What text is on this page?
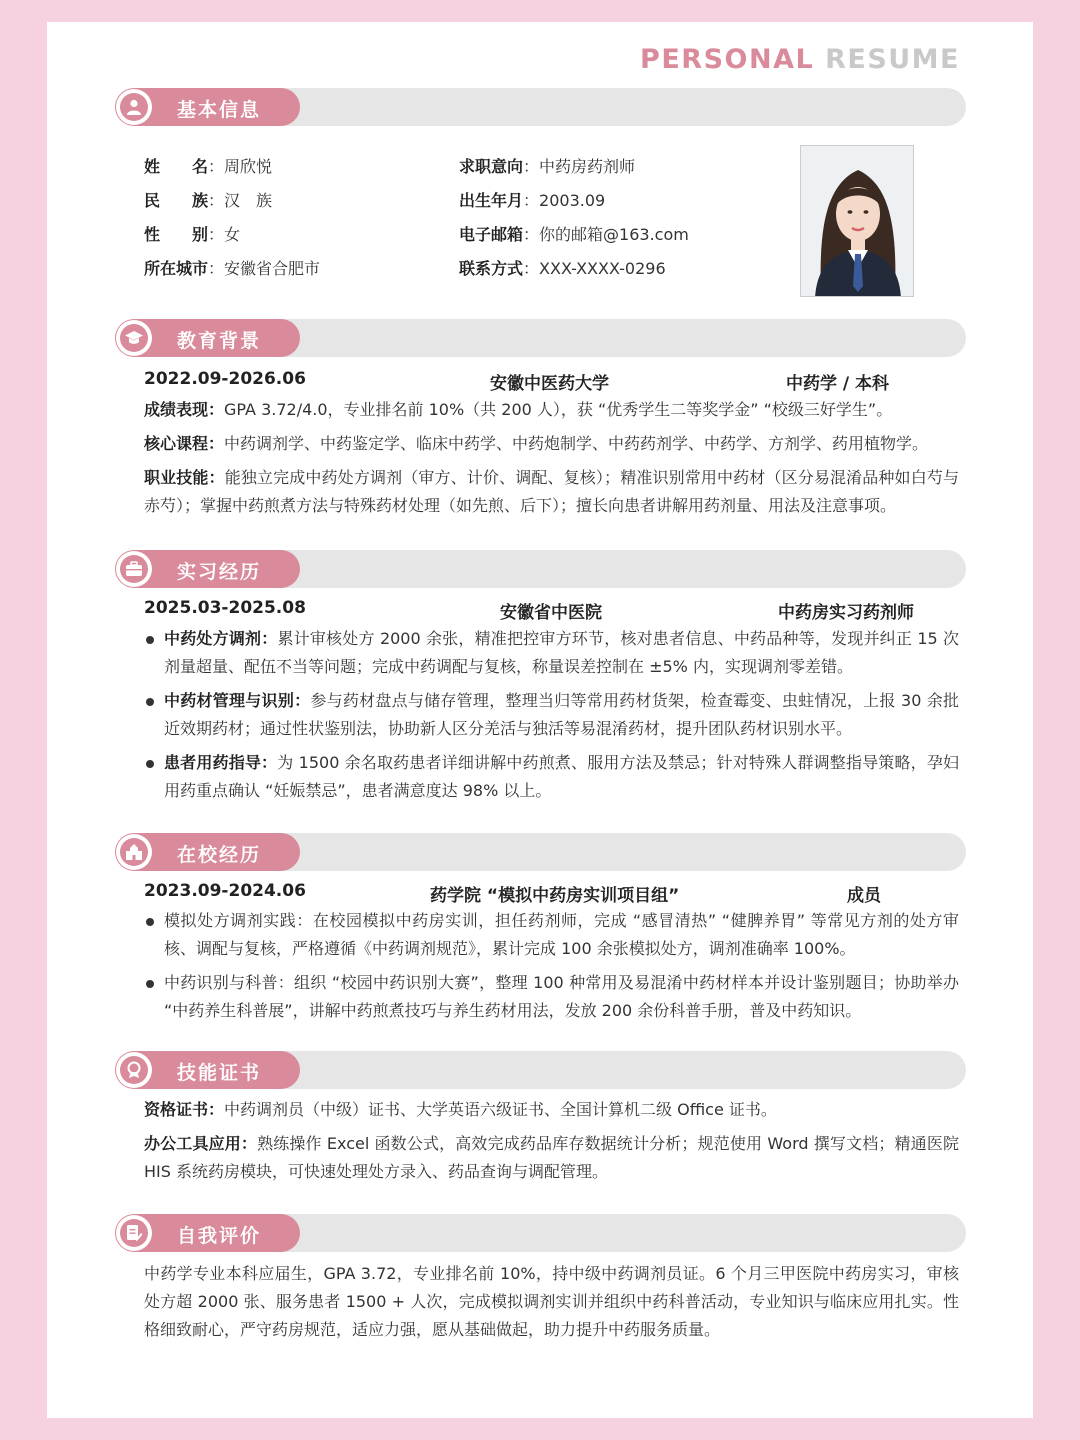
PERSONAL RESUME
基本信息
姓　　名：周欣悦
民　　族：汉　族
性　　别：女
所在城市：安徽省合肥市
求职意向：中药房药剂师
出生年月：2003.09
电子邮箱：你的邮箱@163.com
联系方式：XXX-XXXX-0296
教育背景
2022.09-2026.06	安徽中医药大学	中药学 / 本科
成绩表现：GPA 3.72/4.0，专业排名前 10%（共 200 人），获 “优秀学生二等奖学金” “校级三好学生”。
核心课程：中药调剂学、中药鉴定学、临床中药学、中药炮制学、中药药剂学、中药学、方剂学、药用植物学。
职业技能：能独立完成中药处方调剂（审方、计价、调配、复核）；精准识别常用中药材（区分易混淆品种如白芍与赤芍）；掌握中药煎煮方法与特殊药材处理（如先煎、后下）；擅长向患者讲解用药剂量、用法及注意事项。
实习经历
2025.03-2025.08	安徽省中医院	中药房实习药剂师
中药处方调剂：累计审核处方 2000 余张，精准把控审方环节，核对患者信息、中药品种等，发现并纠正 15 次剂量超量、配伍不当等问题；完成中药调配与复核，称量误差控制在 ±5% 内，实现调剂零差错。
中药材管理与识别：参与药材盘点与储存管理，整理当归等常用药材货架，检查霉变、虫蛀情况，上报 30 余批近效期药材；通过性状鉴别法，协助新人区分羌活与独活等易混淆药材，提升团队药材识别水平。
患者用药指导：为 1500 余名取药患者详细讲解中药煎煮、服用方法及禁忌；针对特殊人群调整指导策略，孕妇用药重点确认 “妊娠禁忌”，患者满意度达 98% 以上。
在校经历
2023.09-2024.06	药学院 “模拟中药房实训项目组”	成员
模拟处方调剂实践：在校园模拟中药房实训，担任药剂师，完成 “感冒清热” “健脾养胃” 等常见方剂的处方审核、调配与复核，严格遵循《中药调剂规范》，累计完成 100 余张模拟处方，调剂准确率 100%。
中药识别与科普：组织 “校园中药识别大赛”，整理 100 种常用及易混淆中药材样本并设计鉴别题目；协助举办 “中药养生科普展”，讲解中药煎煮技巧与养生药材用法，发放 200 余份科普手册，普及中药知识。
技能证书
资格证书：中药调剂员（中级）证书、大学英语六级证书、全国计算机二级 Office 证书。
办公工具应用：熟练操作 Excel 函数公式，高效完成药品库存数据统计分析；规范使用 Word 撰写文档；精通医院 HIS 系统药房模块，可快速处理处方录入、药品查询与调配管理。
自我评价
中药学专业本科应届生，GPA 3.72，专业排名前 10%，持中级中药调剂员证。6 个月三甲医院中药房实习，审核处方超 2000 张、服务患者 1500 + 人次，完成模拟调剂实训并组织中药科普活动，专业知识与临床应用扎实。性格细致耐心，严守药房规范，适应力强，愿从基础做起，助力提升中药服务质量。
